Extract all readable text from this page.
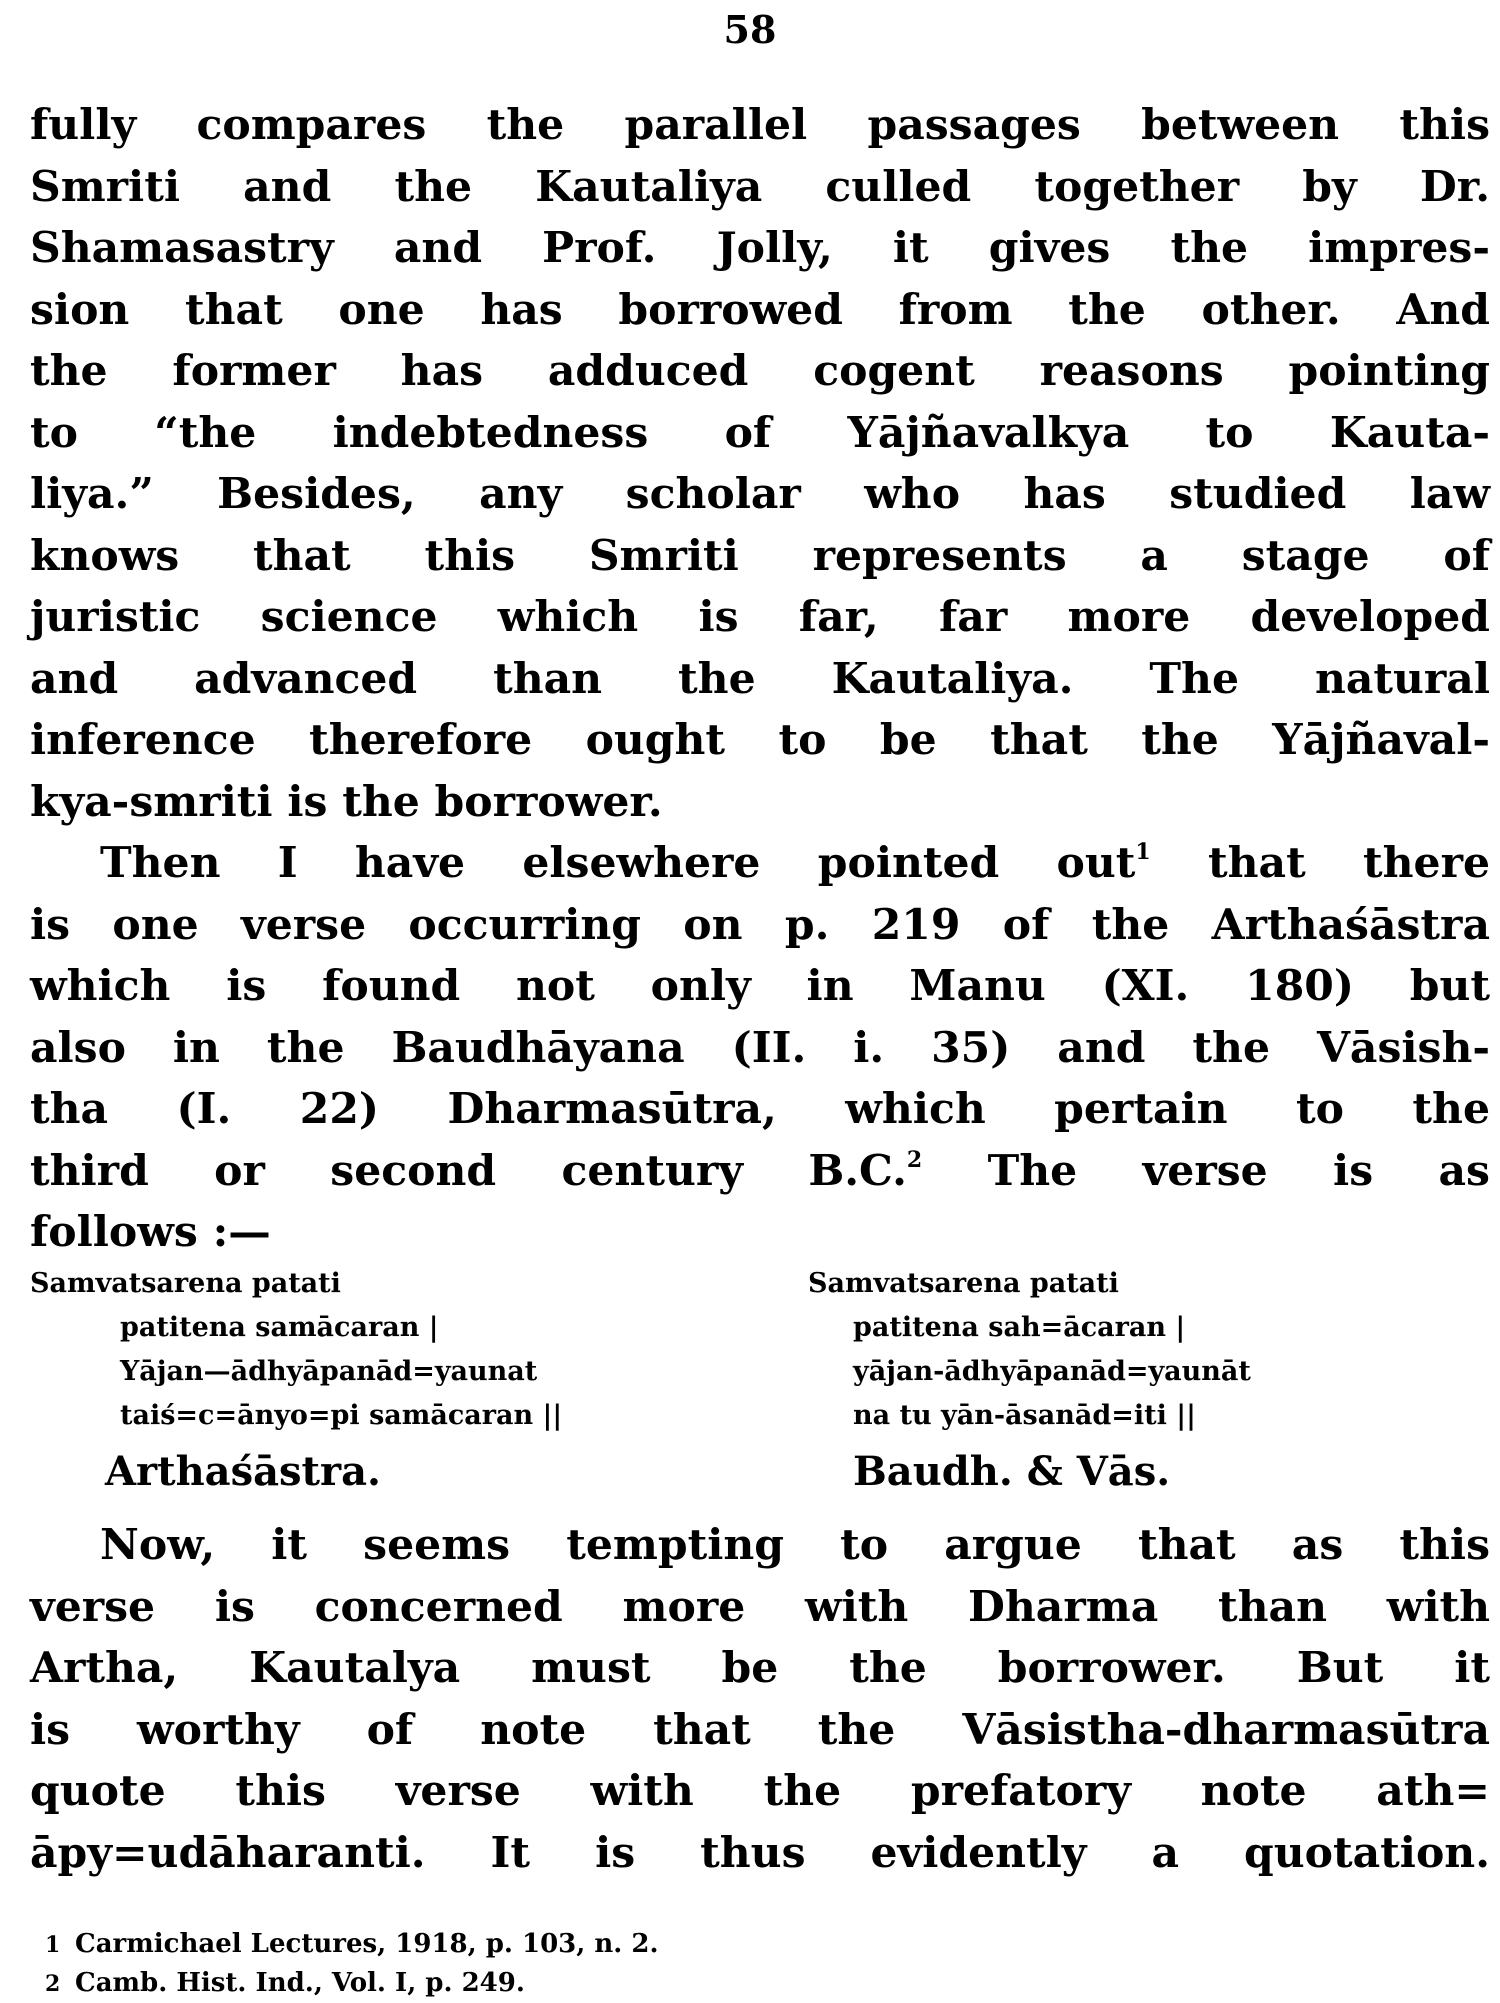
58
fully compares the parallel passages between this
Smriti and the Kautaliya culled together by Dr.
Shamasastry and Prof. Jolly, it gives the impres-
sion that one has borrowed from the other. And
the former has adduced cogent reasons pointing
to “the indebtedness of Yājñavalkya to Kauta-
liya.” Besides, any scholar who has studied law
knows that this Smriti represents a stage of
juristic science which is far, far more developed
and advanced than the Kautaliya. The natural
inference therefore ought to be that the Yājñaval-
kya-smriti is the borrower.
Then I have elsewhere pointed out$^1$ that there
is one verse occurring on p. 219 of the Arthaśāstra
which is found not only in Manu (XI. 180) but
also in the Baudhāyana (II. i. 35) and the Vāsish-
tha (I. 22) Dharmasūtra, which pertain to the
third or second century B.C.$^2$ The verse is as
follows :—
Samvatsarena patati
patitena samācaran |
Yājan—ādhyāpanād=yaunat
taiś=c=ānyo=pi samācaran ||
Arthaśāstra.
Samvatsarena patati
patitena sah=ācaran |
yājan-ādhyāpanād=yaunāt
na tu yān-āsanād=iti ||
Baudh. & Vās.
Now, it seems tempting to argue that as this
verse is concerned more with Dharma than with
Artha, Kautalya must be the borrower. But it
is worthy of note that the Vāsistha-dharmasūtra
quote this verse with the prefatory note ath=
āpy=udāharanti. It is thus evidently a quotation.
1 Carmichael Lectures, 1918, p. 103, n. 2.
2 Camb. Hist. Ind., Vol. I, p. 249.
